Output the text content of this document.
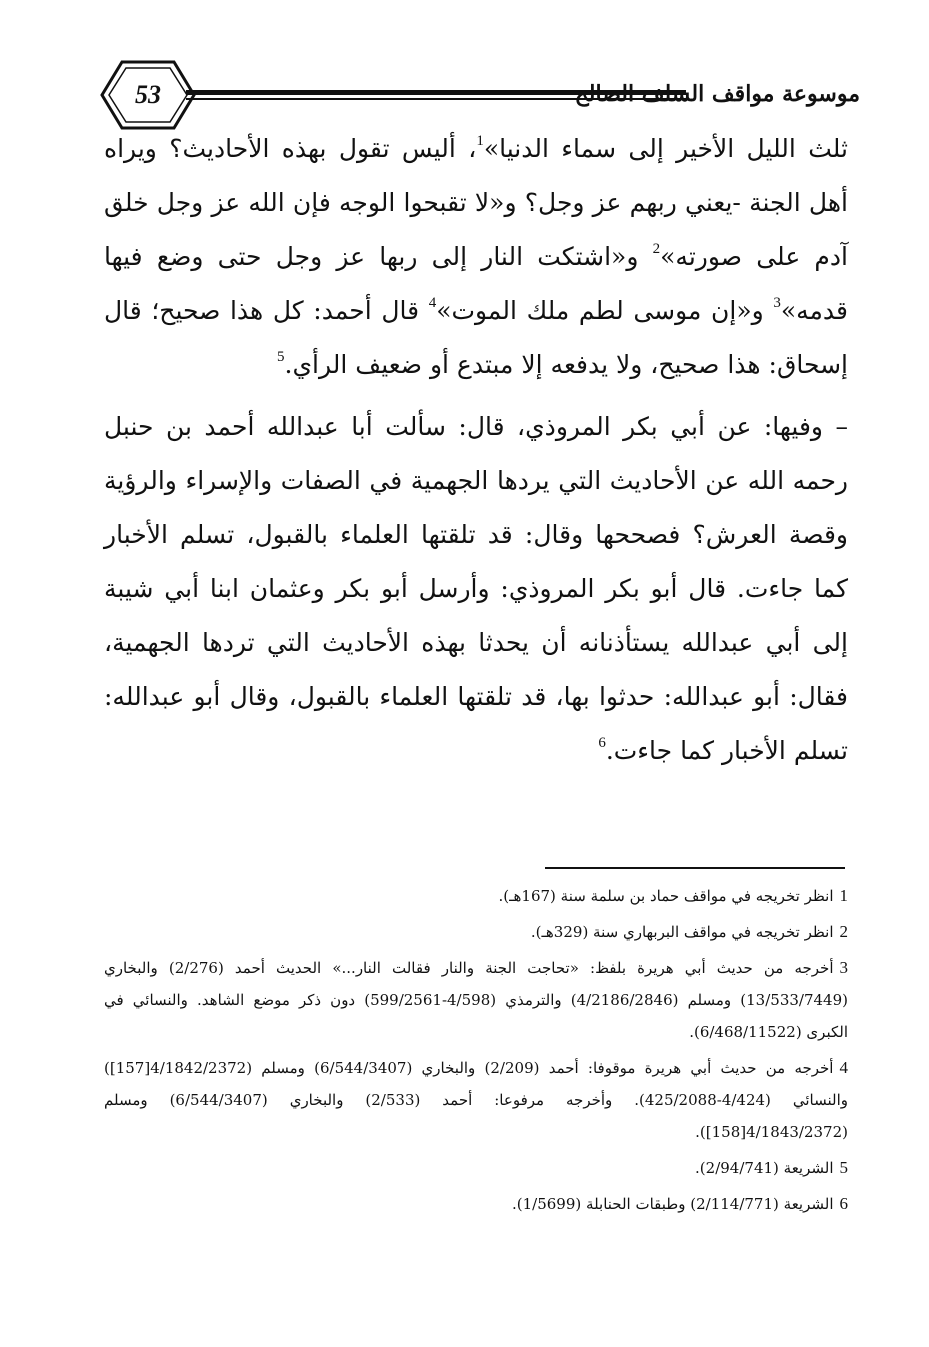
53	موسوعة مواقف السلف الصالح

ثلث الليل الأخير إلى سماء الدنيا»$^1$، أليس تقول بهذه الأحاديث؟ ويراه أهل الجنة -يعني ربهم عز وجل؟ و«لا تقبحوا الوجه فإن الله عز وجل خلق آدم على صورته»$^2$ و«اشتكت النار إلى ربها عز وجل حتى وضع فيها قدمه»$^3$ و«إن موسى لطم ملك الموت»$^4$ قال أحمد: كل هذا صحيح؛ قال إسحاق: هذا صحيح، ولا يدفعه إلا مبتدع أو ضعيف الرأي.$^5$

– وفيها: عن أبي بكر المروذي، قال: سألت أبا عبدالله أحمد بن حنبل رحمه الله عن الأحاديث التي يردها الجهمية في الصفات والإسراء والرؤية وقصة العرش؟ فصححها وقال: قد تلقتها العلماء بالقبول، تسلم الأخبار كما جاءت. قال أبو بكر المروذي: وأرسل أبو بكر وعثمان ابنا أبي شيبة إلى أبي عبدالله يستأذنانه أن يحدثا بهذه الأحاديث التي تردها الجهمية، فقال: أبو عبدالله: حدثوا بها، قد تلقتها العلماء بالقبول، وقال أبو عبدالله: تسلم الأخبار كما جاءت.$^6$

1انظر تخريجه في مواقف حماد بن سلمة سنة (167هـ).

2انظر تخريجه في مواقف البربهاري سنة (329هـ).

3أخرجه من حديث أبي هريرة بلفظ: «تحاجت الجنة والنار فقالت النار...» الحديث أحمد (2/276) والبخاري (13/533/7449) ومسلم (4/2186/2846) والترمذي (4/598-599/2561) دون ذكر موضع الشاهد. والنسائي في الكبرى (6/468/11522).

4أخرجه من حديث أبي هريرة موقوفا: أحمد (2/209) والبخاري (6/544/3407) ومسلم (4/1842/2372[157]) والنسائي (4/424-425/2088). وأخرجه مرفوعا: أحمد (2/533) والبخاري (6/544/3407) ومسلم (4/1843/2372[158]).

5الشريعة (2/94/741).

6الشريعة (2/114/771) وطبقات الحنابلة (1/5699).
